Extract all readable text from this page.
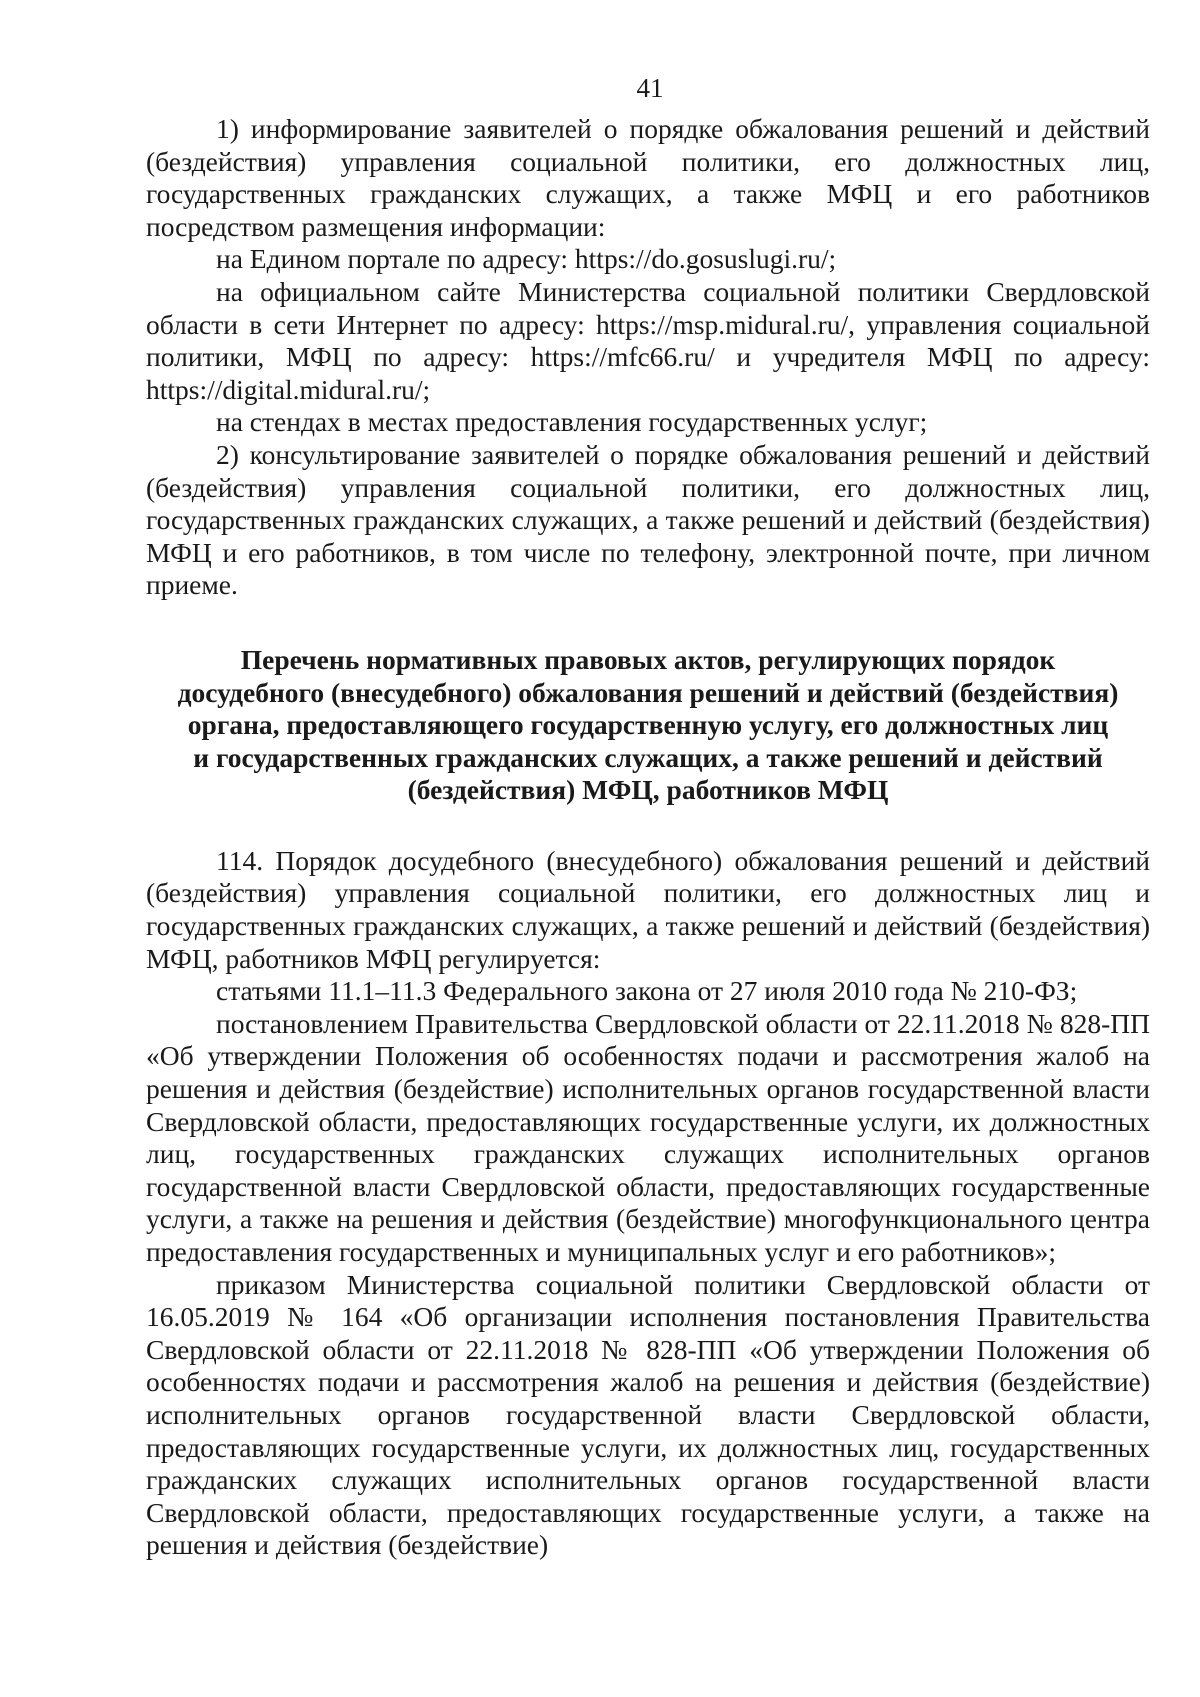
41

1) информирование заявителей о порядке обжалования решений и действий (бездействия) управления социальной политики, его должностных лиц, государственных гражданских служащих, а также МФЦ и его работников посредством размещения информации:

на Едином портале по адресу: https://do.gosuslugi.ru/;

на официальном сайте Министерства социальной политики Свердловской области в сети Интернет по адресу: https://msp.midural.ru/, управления социальной политики, МФЦ по адресу: https://mfc66.ru/ и учредителя МФЦ по адресу: https://digital.midural.ru/;

на стендах в местах предоставления государственных услуг;

2) консультирование заявителей о порядке обжалования решений и действий (бездействия) управления социальной политики, его должностных лиц, государственных гражданских служащих, а также решений и действий (бездействия) МФЦ и его работников, в том числе по телефону, электронной почте, при личном приеме.

Перечень нормативных правовых актов, регулирующих порядок
досудебного (внесудебного) обжалования решений и действий (бездействия)
органа, предоставляющего государственную услугу, его должностных лиц
и государственных гражданских служащих, а также решений и действий
(бездействия) МФЦ, работников МФЦ

114. Порядок досудебного (внесудебного) обжалования решений и действий (бездействия) управления социальной политики, его должностных лиц и государственных гражданских служащих, а также решений и действий (бездействия) МФЦ, работников МФЦ регулируется:

статьями 11.1–11.3 Федерального закона от 27 июля 2010 года № 210-ФЗ;

постановлением Правительства Свердловской области от 22.11.2018 № 828-ПП «Об утверждении Положения об особенностях подачи и рассмотрения жалоб на решения и действия (бездействие) исполнительных органов государственной власти Свердловской области, предоставляющих государственные услуги, их должностных лиц, государственных гражданских служащих исполнительных органов государственной власти Свердловской области, предоставляющих государственные услуги, а также на решения и действия (бездействие) многофункционального центра предоставления государственных и муниципальных услуг и его работников»;

приказом Министерства социальной политики Свердловской области от 16.05.2019 № 164 «Об организации исполнения постановления Правительства Свердловской области от 22.11.2018 № 828-ПП «Об утверждении Положения об особенностях подачи и рассмотрения жалоб на решения и действия (бездействие) исполнительных органов государственной власти Свердловской области, предоставляющих государственные услуги, их должностных лиц, государственных гражданских служащих исполнительных органов государственной власти Свердловской области, предоставляющих государственные услуги, а также на решения и действия (бездействие)
